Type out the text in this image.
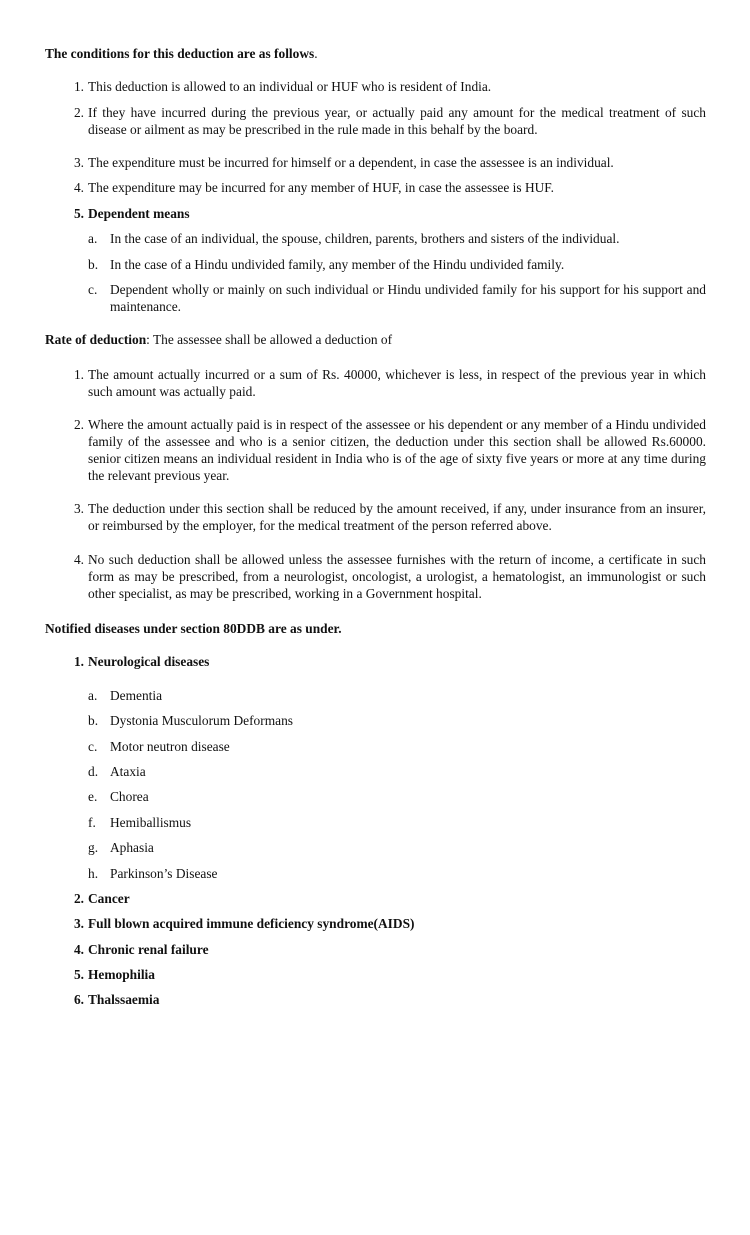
The conditions for this deduction are as follows.
1. This deduction is allowed to an individual or HUF who is resident of India.
2. If they have incurred during the previous year, or actually paid any amount for the medical treatment of such disease or ailment as may be prescribed in the rule made in this behalf by the board.
3. The expenditure must be incurred for himself or a dependent, in case the assessee is an individual.
4. The expenditure may be incurred for any member of HUF, in case the assessee is HUF.
5. Dependent means
a. In the case of an individual, the spouse, children, parents, brothers and sisters of the individual.
b. In the case of a Hindu undivided family, any member of the Hindu undivided family.
c. Dependent wholly or mainly on such individual or Hindu undivided family for his support for his support and maintenance.
Rate of deduction: The assessee shall be allowed a deduction of
1. The amount actually incurred or a sum of Rs. 40000, whichever is less, in respect of the previous year in which such amount was actually paid.
2. Where the amount actually paid is in respect of the assessee or his dependent or any member of a Hindu undivided family of the assessee and who is a senior citizen, the deduction under this section shall be allowed Rs.60000. senior citizen means an individual resident in India who is of the age of sixty five years or more at any time during the relevant previous year.
3. The deduction under this section shall be reduced by the amount received, if any, under insurance from an insurer, or reimbursed by the employer, for the medical treatment of the person referred above.
4. No such deduction shall be allowed unless the assessee furnishes with the return of income, a certificate in such form as may be prescribed, from a neurologist, oncologist, a urologist, a hematologist, an immunologist or such other specialist, as may be prescribed, working in a Government hospital.
Notified diseases under section 80DDB are as under.
1. Neurological diseases
a. Dementia
b. Dystonia Musculorum Deformans
c. Motor neutron disease
d. Ataxia
e. Chorea
f.	Hemiballismus
g. Aphasia
h. Parkinson’s Disease
2. Cancer
3. Full blown acquired immune deficiency syndrome(AIDS)
4. Chronic renal failure
5. Hemophilia
6. Thalssaemia
